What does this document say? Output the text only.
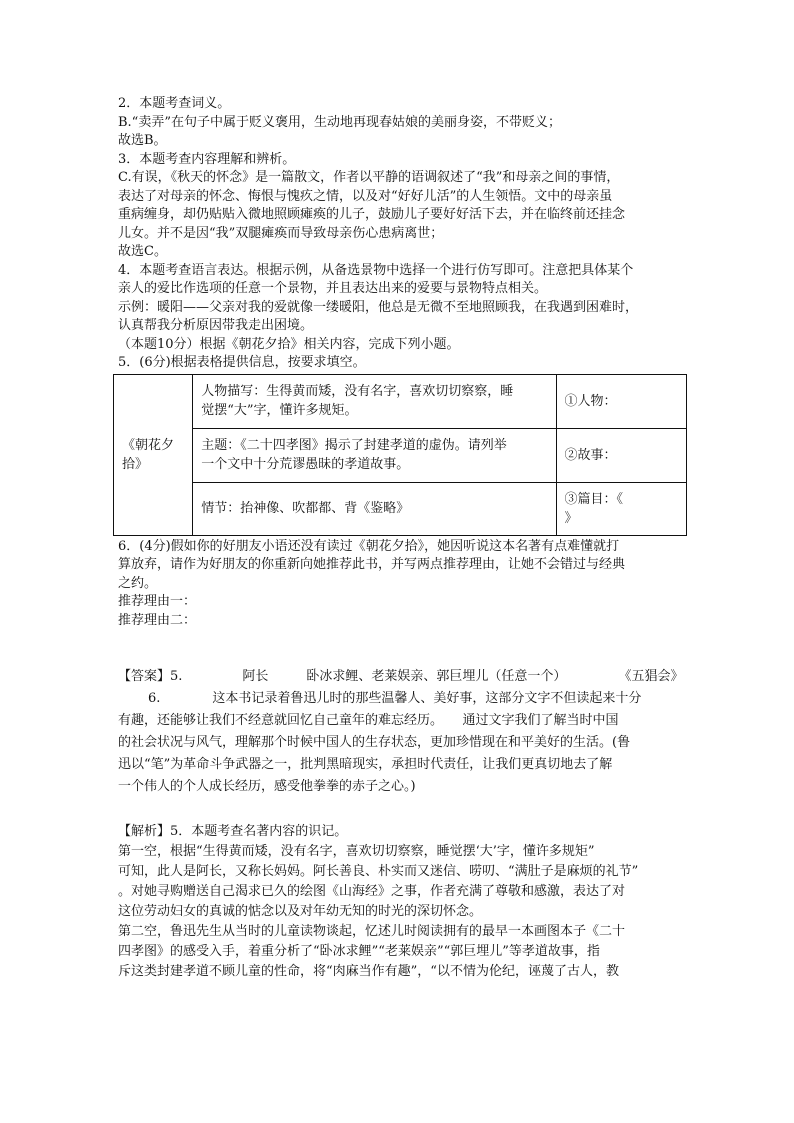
2．本题考查词义。

B.“卖弄”在句子中属于贬义褒用，生动地再现春姑娘的美丽身姿，不带贬义；

故选B。

3．本题考查内容理解和辨析。

C.有误，《秋天的怀念》是一篇散文，作者以平静的语调叙述了“我”和母亲之间的事情，

表达了对母亲的怀念、悔恨与愧疚之情，以及对“好好儿活”的人生领悟。文中的母亲虽

重病缠身，却仍贴贴入微地照顾瘫痪的儿子，鼓励儿子要好好活下去，并在临终前还挂念

儿女。并不是因“我”双腿瘫痪而导致母亲伤心患病离世；

故选C。

4．本题考查语言表达。根据示例，从备选景物中选择一个进行仿写即可。注意把具体某个

亲人的爱比作选项的任意一个景物，并且表达出来的爱要与景物特点相关。

示例：暖阳——父亲对我的爱就像一缕暖阳，他总是无微不至地照顾我，在我遇到困难时，

认真帮我分析原因带我走出困境。

（本题10分）根据《朝花夕拾》相关内容，完成下列小题。

5．(6分)根据表格提供信息，按要求填空。

《朝花夕
拾》	人物描写：生得黄而矮，没有名字，喜欢切切察察，睡
觉摆“大”字，懂许多规矩。	①人物：
	主题：《二十四孝图》揭示了封建孝道的虚伪。请列举
一个文中十分荒谬愚昧的孝道故事。	②故事：
	情节：抬神像、吹都都、背《鉴略》	③篇目：《
》

6．(4分)假如你的好朋友小语还没有读过《朝花夕拾》，她因听说这本名著有点难懂就打

算放弃，请作为好朋友的你重新向她推荐此书，并写两点推荐理由，让她不会错过与经典

之约。

推荐理由一：

推荐理由二：

【答案】5.	阿长	卧冰求鲤、老莱娱亲、郭巨埋儿（任意一个）	《五猖会》

6.	这本书记录着鲁迅儿时的那些温馨人、美好事，这部分文字不但读起来十分

有趣，还能够让我们不经意就回忆自己童年的难忘经历。　　通过文字我们了解当时中国

的社会状况与风气，理解那个时候中国人的生存状态，更加珍惜现在和平美好的生活。(鲁

迅以“笔”为革命斗争武器之一，批判黑暗现实，承担时代责任，让我们更真切地去了解

一个伟人的个人成长经历，感受他拳拳的赤子之心。)

【解析】5．本题考查名著内容的识记。

第一空，根据“生得黄而矮，没有名字，喜欢切切察察，睡觉摆‘大’字，懂许多规矩”

可知，此人是阿长，又称长妈妈。阿长善良、朴实而又迷信、唠叨、“满肚子是麻烦的礼节”

。对她寻购赠送自己渴求已久的绘图《山海经》之事，作者充满了尊敬和感激，表达了对

这位劳动妇女的真诚的惦念以及对年幼无知的时光的深切怀念。

第二空，鲁迅先生从当时的儿童读物谈起，忆述儿时阅读拥有的最早一本画图本子《二十

四孝图》的感受入手，着重分析了“卧冰求鲤”“老莱娱亲”“郭巨埋儿”等孝道故事，指

斥这类封建孝道不顾儿童的性命，将“肉麻当作有趣”，“以不情为伦纪，诬蔑了古人，教
